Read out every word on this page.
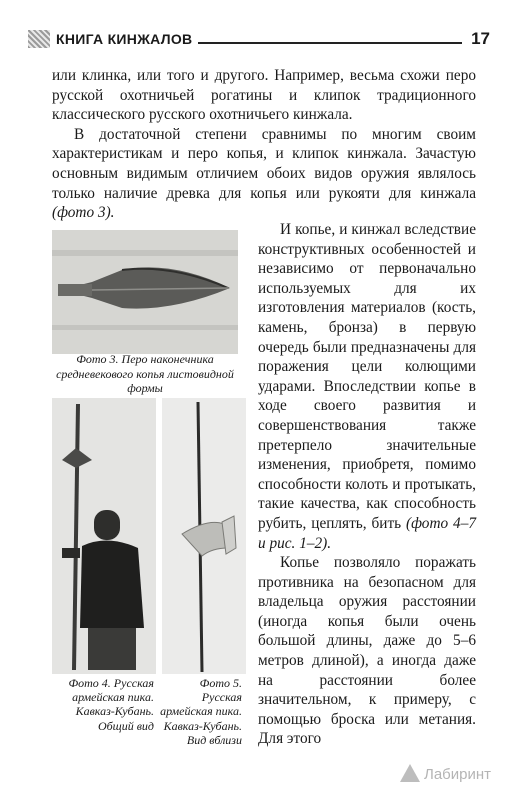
КНИГА КИНЖАЛОВ	17

или клинка, или того и другого. Например, весьма схожи перо русской охотничьей рогатины и клипок традиционного классического русского охотничьего кинжала.

В достаточной степени сравнимы по многим своим характеристикам и перо копья, и клипок кинжала. Зачастую основным видимым отличием обоих видов оружия являлось только наличие древка для копья или рукояти для кинжала (фото 3).

Фото 3. Перо наконечника средневекового копья листовидной формы
Фото 4. Русская армейская пика. Кавказ-Кубань. Общий вид
Фото 5. Русская армейская пика. Кавказ-Кубань. Вид вблизи

И копье, и кинжал вследствие конструктивных особенностей и независимо от первоначально используемых для их изготовления материалов (кость, камень, бронза) в первую очередь были предназначены для поражения цели колющими ударами. Впоследствии копье в ходе своего развития и совершенствования также претерпело значительные изменения, приобретя, помимо способности колоть и протыкать, такие качества, как способность рубить, цеплять, бить (фото 4–7 и рис. 1–2).

Копье позволяло поражать противника на безопасном для владельца оружия расстоянии (иногда копья были очень большой длины, даже до 5–6 метров длиной), а иногда даже на расстоянии более значительном, к примеру, с помощью броска или метания. Для этого

Лабиринт
